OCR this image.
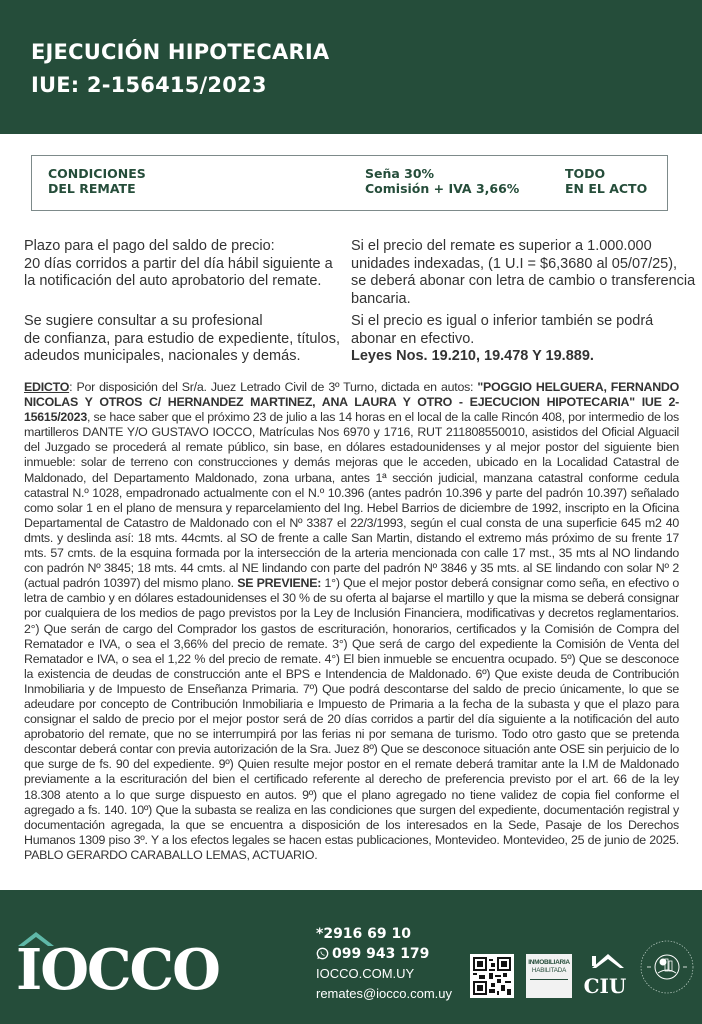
EJECUCIÓN HIPOTECARIA
IUE: 2-156415/2023
CONDICIONES
DEL REMATE
Seña 30%
Comisión + IVA 3,66%
TODO
EN EL ACTO
Plazo para el pago del saldo de precio:
20 días corridos a partir del día hábil siguiente a
la notificación del auto aprobatorio del remate.
Se sugiere consultar a su profesional
de confianza, para estudio de expediente, títulos,
adeudos municipales, nacionales y demás.
Si el precio del remate es superior a 1.000.000
unidades indexadas, (1 U.I = $6,3680 al 05/07/25),
se deberá abonar con letra de cambio o transferencia
bancaria.
Si el precio es igual o inferior también se podrá
abonar en efectivo.
Leyes Nos. 19.210, 19.478 Y 19.889.
EDICTO: Por disposición del Sr/a. Juez Letrado Civil de 3º Turno, dictada en autos: "POGGIO HELGUERA, FERNANDO NICOLAS Y OTROS C/ HERNANDEZ MARTINEZ, ANA LAURA Y OTRO - EJECUCION HIPOTECARIA" IUE 2- 15615/2023, se hace saber que el próximo 23 de julio a las 14 horas en el local de la calle Rincón 408, por intermedio de los martilleros DANTE Y/O GUSTAVO IOCCO, Matrículas Nos 6970 y 1716, RUT 211808550010, asistidos del Oficial Alguacil del Juzgado se procederá al remate público, sin base, en dólares estadounidenses y al mejor postor del siguiente bien inmueble: solar de terreno con construcciones y demás mejoras que le acceden, ubicado en la Localidad Catastral de Maldonado, del Departamento Maldonado, zona urbana, antes 1ª sección judicial, manzana catastral conforme cedula catastral N.º 1028, empadronado actualmente con el N.º 10.396 (antes padrón 10.396 y parte del padrón 10.397) señalado como solar 1 en el plano de mensura y reparcelamiento del Ing. Hebel Barrios de diciembre de 1992, inscripto en la Oficina Departamental de Catastro de Maldonado con el Nº 3387 el 22/3/1993, según el cual consta de una superficie 645 m2 40 dmts. y deslinda así: 18 mts. 44cmts. al SO de frente a calle San Martin, distando el extremo más próximo de su frente 17 mts. 57 cmts. de la esquina formada por la intersección de la arteria mencionada con calle 17 mst., 35 mts al NO lindando con padrón Nº 3845; 18 mts. 44 cmts. al NE lindando con parte del padrón Nº 3846 y 35 mts. al SE lindando con solar Nº 2 (actual padrón 10397) del mismo plano. SE PREVIENE: 1°) Que el mejor postor deberá consignar como seña, en efectivo o letra de cambio y en dólares estadounidenses el 30 % de su oferta al bajarse el martillo y que la misma se deberá consignar por cualquiera de los medios de pago previstos por la Ley de Inclusión Financiera, modificativas y decretos reglamentarios. 2°) Que serán de cargo del Comprador los gastos de escrituración, honorarios, certificados y la Comisión de Compra del Rematador e IVA, o sea el 3,66% del precio de remate. 3°) Que será de cargo del expediente la Comisión de Venta del Rematador e IVA, o sea el 1,22 % del precio de remate. 4°) El bien inmueble se encuentra ocupado. 5º) Que se desconoce la existencia de deudas de construcción ante el BPS e Intendencia de Maldonado. 6º) Que existe deuda de Contribución Inmobiliaria y de Impuesto de Enseñanza Primaria. 7º) Que podrá descontarse del saldo de precio únicamente, lo que se adeudare por concepto de Contribución Inmobiliaria e Impuesto de Primaria a la fecha de la subasta y que el plazo para consignar el saldo de precio por el mejor postor será de 20 días corridos a partir del día siguiente a la notificación del auto aprobatorio del remate, que no se interrumpirá por las ferias ni por semana de turismo. Todo otro gasto que se pretenda descontar deberá contar con previa autorización de la Sra. Juez 8º) Que se desconoce situación ante OSE sin perjuicio de lo que surge de fs. 90 del expediente. 9º) Quien resulte mejor postor en el remate deberá tramitar ante la I.M de Maldonado previamente a la escrituración del bien el certificado referente al derecho de preferencia previsto por el art. 66 de la ley 18.308 atento a lo que surge dispuesto en autos. 9º) que el plano agregado no tiene validez de copia fiel conforme el agregado a fs. 140. 10º) Que la subasta se realiza en las condiciones que surgen del expediente, documentación registral y documentación agregada, la que se encuentra a disposición de los interesados en la Sede, Pasaje de los Derechos Humanos 1309 piso 3º. Y a los efectos legales se hacen estas publicaciones, Montevideo. Montevideo, 25 de junio de 2025. PABLO GERARDO CARABALLO LEMAS, ACTUARIO.
IOCCO
*2916 69 10
099 943 179
IOCCO.COM.UY
remates@iocco.com.uy
INMOBILIARIA
HABILITADA
CIU
